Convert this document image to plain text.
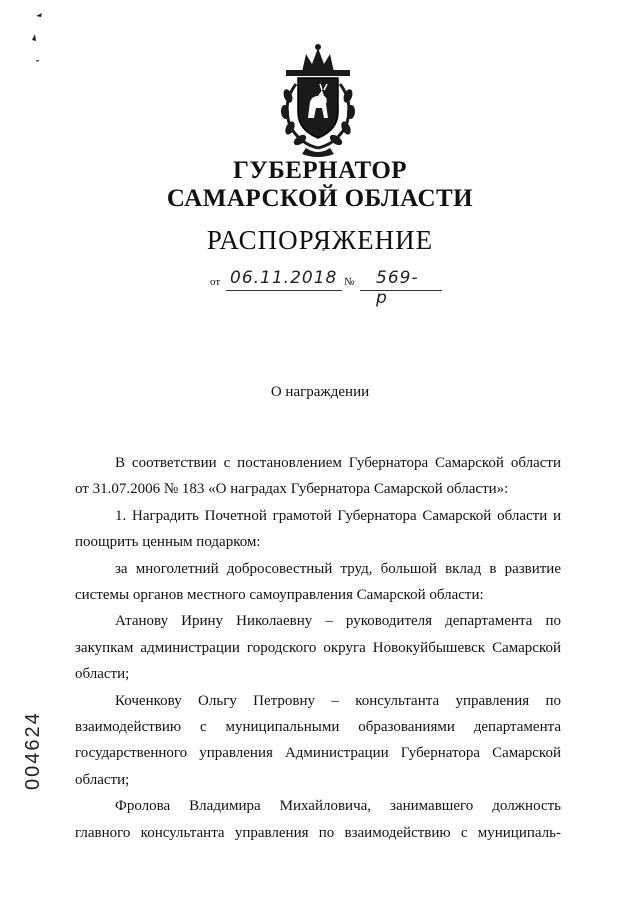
ГУБЕРНАТОР
САМАРСКОЙ ОБЛАСТИ
РАСПОРЯЖЕНИЕ
от 06.11.2018 № 569-р
О награждении

В соответствии с постановлением Губернатора Самарской области

от 31.07.2006 № 183 «О наградах Губернатора Самарской области»:

1. Наградить Почетной грамотой Губернатора Самарской области и

поощрить ценным подарком:

за многолетний добросовестный труд, большой вклад в развитие

системы органов местного самоуправления Самарской области:

Атанову Ирину Николаевну – руководителя департамента по

закупкам администрации городского округа Новокуйбышевск Самарской

области;

Коченкову Ольгу Петровну – консультанта управления по

взаимодействию с муниципальными образованиями департамента

государственного управления Администрации Губернатора Самарской

области;

Фролова Владимира Михайловича, занимавшего должность

главного консультанта управления по взаимодействию с муниципаль-

004624
